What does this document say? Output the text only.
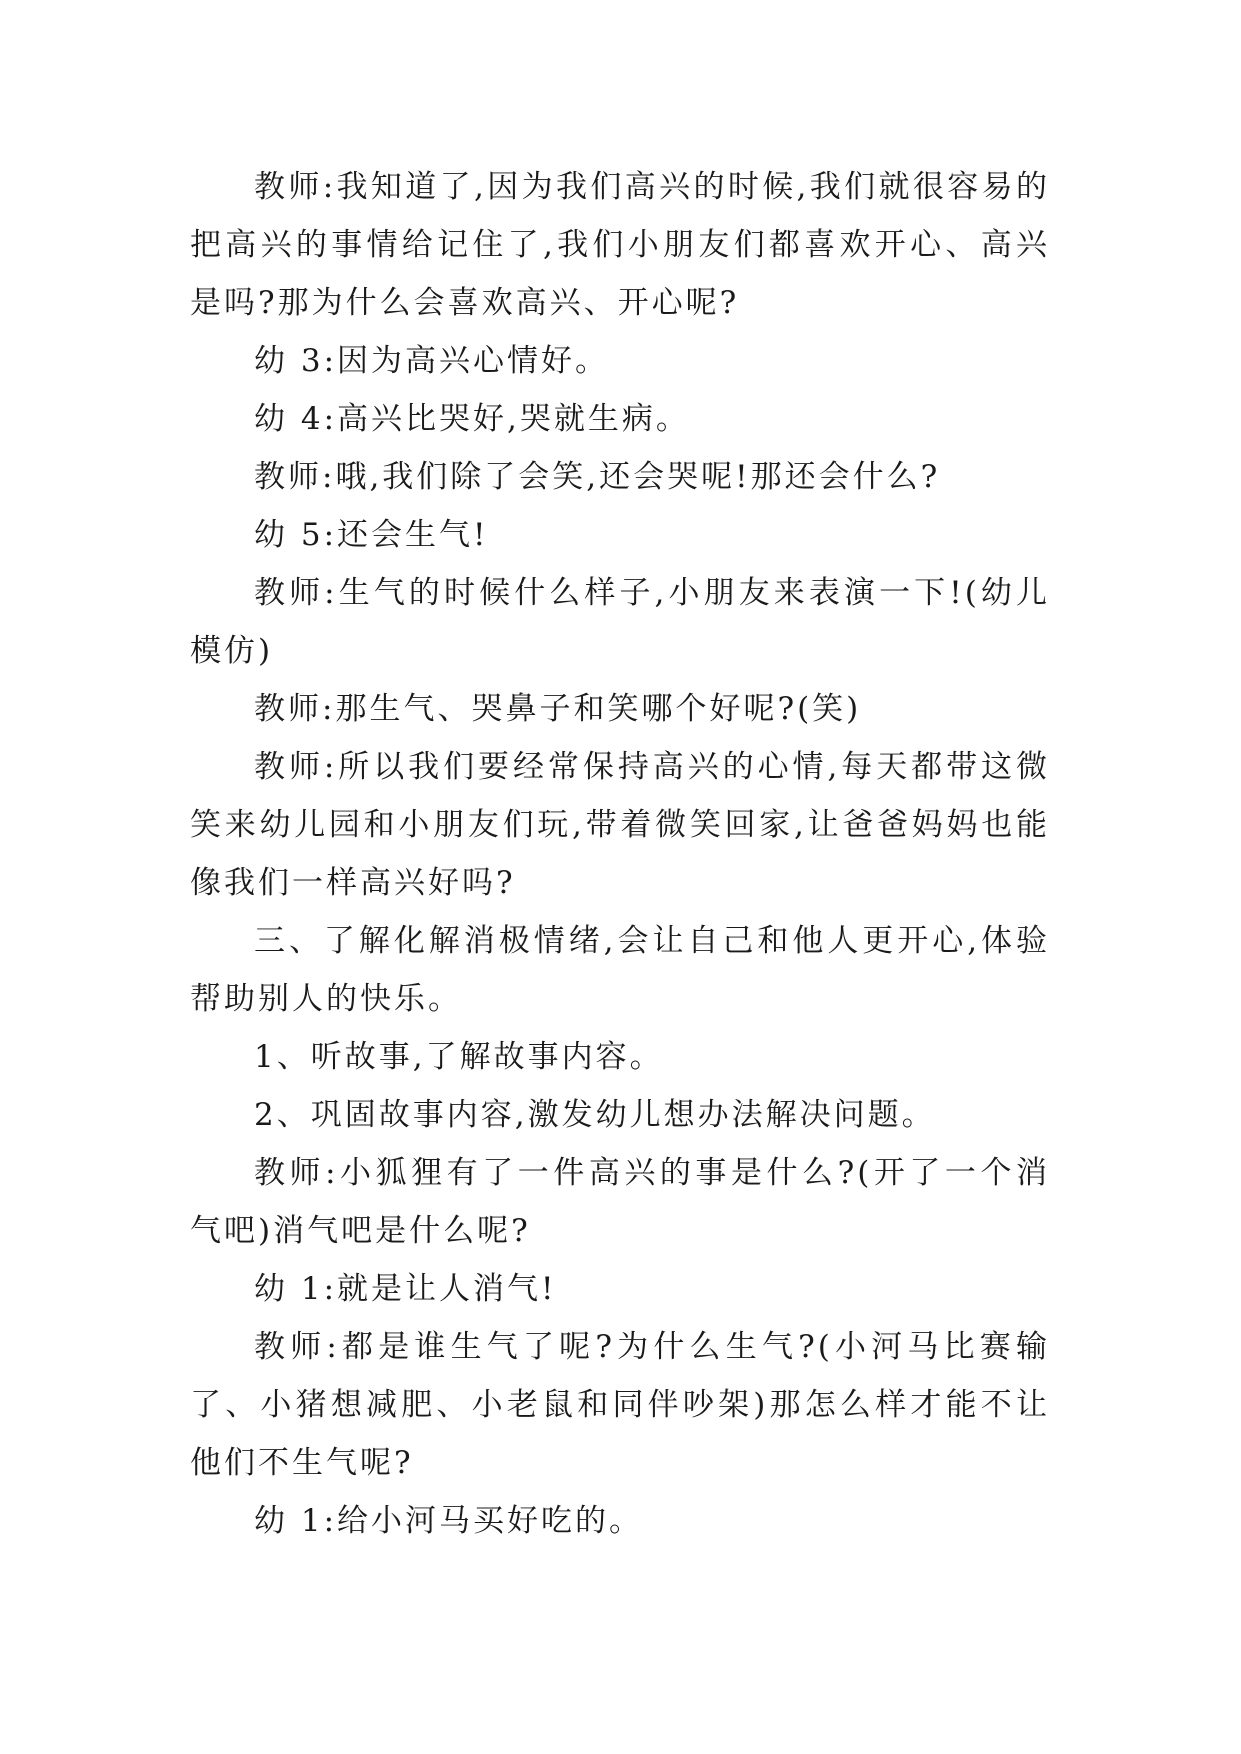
教师:我知道了,因为我们高兴的时候,我们就很容易的把高兴的事情给记住了,我们小朋友们都喜欢开心、高兴是吗?那为什么会喜欢高兴、开心呢?

幼 3:因为高兴心情好。

幼 4:高兴比哭好,哭就生病。

教师:哦,我们除了会笑,还会哭呢!那还会什么?

幼 5:还会生气!

教师:生气的时候什么样子,小朋友来表演一下!(幼儿模仿)

教师:那生气、哭鼻子和笑哪个好呢?(笑)

教师:所以我们要经常保持高兴的心情,每天都带这微笑来幼儿园和小朋友们玩,带着微笑回家,让爸爸妈妈也能像我们一样高兴好吗?

三、了解化解消极情绪,会让自己和他人更开心,体验帮助别人的快乐。

1、听故事,了解故事内容。

2、巩固故事内容,激发幼儿想办法解决问题。

教师:小狐狸有了一件高兴的事是什么?(开了一个消气吧)消气吧是什么呢?

幼 1:就是让人消气!

教师:都是谁生气了呢?为什么生气?(小河马比赛输了、小猪想减肥、小老鼠和同伴吵架)那怎么样才能不让他们不生气呢?

幼 1:给小河马买好吃的。
